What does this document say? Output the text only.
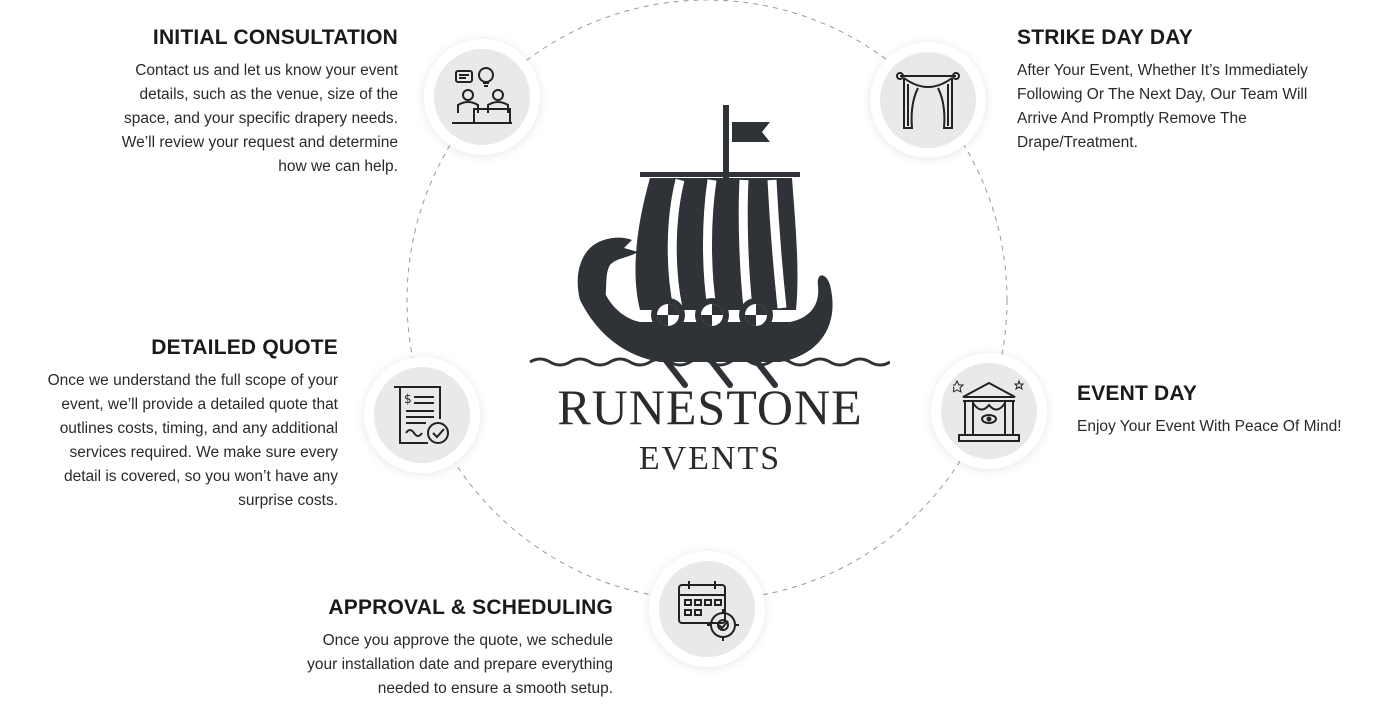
RUNESTONE
EVENTS
INITIAL CONSULTATION
Contact us and let us know your event
details, such as the venue, size of the
space, and your specific drapery needs.
We’ll review your request and determine
how we can help.
STRIKE DAY DAY
After Your Event, Whether It’s Immediately
Following Or The Next Day, Our Team Will
Arrive And Promptly Remove The
Drape/Treatment.
DETAILED QUOTE
Once we understand the full scope of your
event, we’ll provide a detailed quote that
outlines costs, timing, and any additional
services required. We make sure every
detail is covered, so you won’t have any
surprise costs.
$	EVENT DAY
Enjoy Your Event With Peace Of Mind!
APPROVAL & SCHEDULING
Once you approve the quote, we schedule
your installation date and prepare everything
needed to ensure a smooth setup.
